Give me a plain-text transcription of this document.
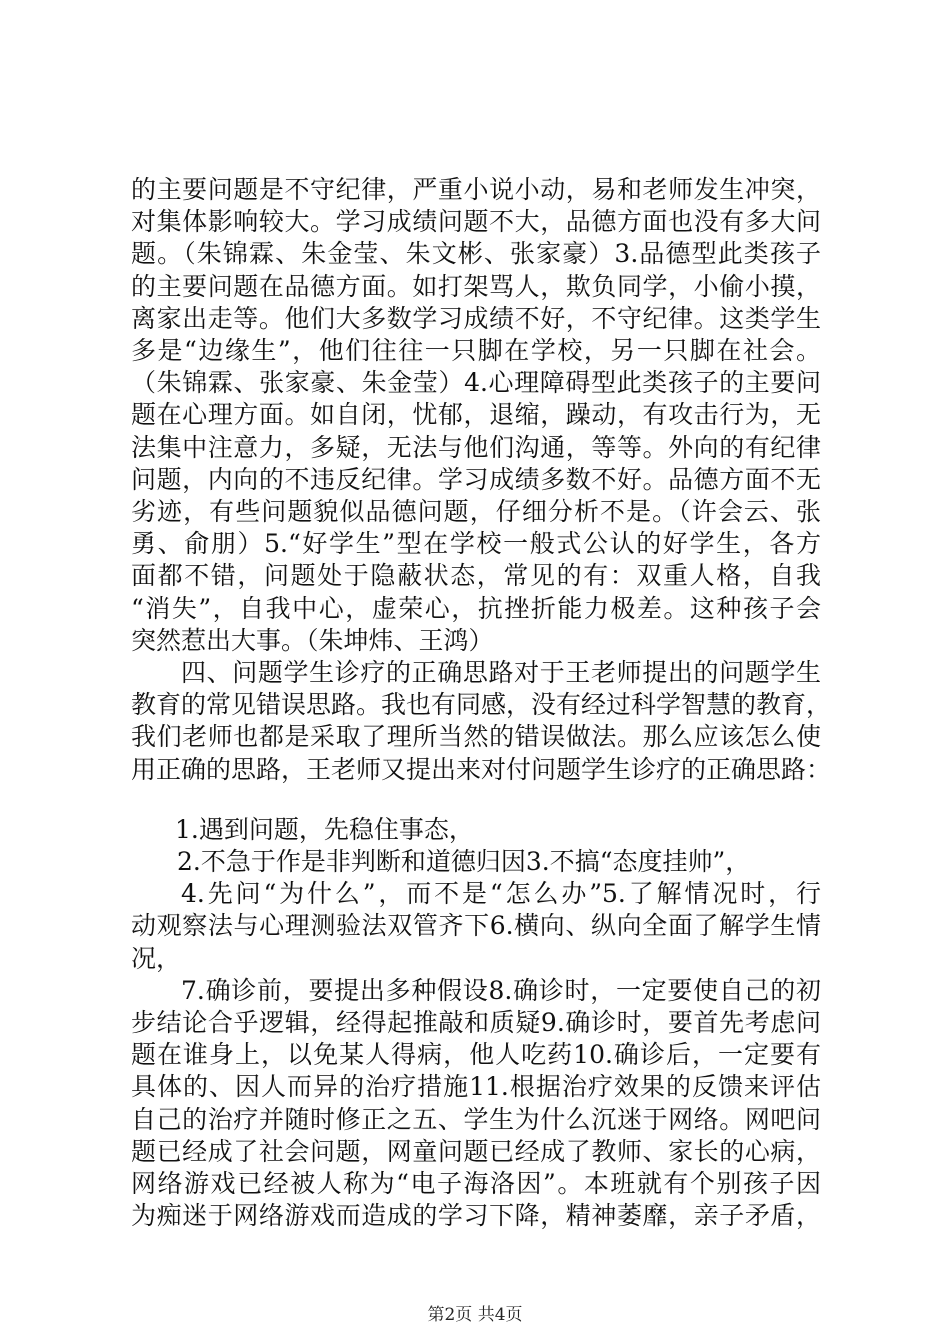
的主要问题是不守纪律，严重小说小动，易和老师发生冲突，
对集体影响较大。学习成绩问题不大，品德方面也没有多大问
题。（朱锦霖、朱金莹、朱文彬、张家豪）3.品德型此类孩子
的主要问题在品德方面。如打架骂人，欺负同学，小偷小摸，
离家出走等。他们大多数学习成绩不好，不守纪律。这类学生
多是“边缘生”，他们往往一只脚在学校，另一只脚在社会。
（朱锦霖、张家豪、朱金莹）4.心理障碍型此类孩子的主要问
题在心理方面。如自闭，忧郁，退缩，躁动，有攻击行为，无
法集中注意力，多疑，无法与他们沟通，等等。外向的有纪律
问题，内向的不违反纪律。学习成绩多数不好。品德方面不无
劣迹，有些问题貌似品德问题，仔细分析不是。（许会云、张
勇、俞朋）5.“好学生”型在学校一般式公认的好学生，各方
面都不错，问题处于隐蔽状态，常见的有：双重人格，自我
“消失”，自我中心，虚荣心，抗挫折能力极差。这种孩子会
突然惹出大事。（朱坤炜、王鸿）
四、问题学生诊疗的正确思路对于王老师提出的问题学生
教育的常见错误思路。我也有同感，没有经过科学智慧的教育，
我们老师也都是采取了理所当然的错误做法。那么应该怎么使
用正确的思路，王老师又提出来对付问题学生诊疗的正确思路：
1.遇到问题，先稳住事态，
2.不急于作是非判断和道德归因3.不搞“态度挂帅”，
4.先问“为什么”，而不是“怎么办”5.了解情况时，行
动观察法与心理测验法双管齐下6.横向、纵向全面了解学生情
况，
7.确诊前，要提出多种假设8.确诊时，一定要使自己的初
步结论合乎逻辑，经得起推敲和质疑9.确诊时，要首先考虑问
题在谁身上，以免某人得病，他人吃药10.确诊后，一定要有
具体的、因人而异的治疗措施11.根据治疗效果的反馈来评估
自己的治疗并随时修正之五、学生为什么沉迷于网络。网吧问
题已经成了社会问题，网童问题已经成了教师、家长的心病，
网络游戏已经被人称为“电子海洛因”。本班就有个别孩子因
为痴迷于网络游戏而造成的学习下降，精神萎靡，亲子矛盾，
第2页 共4页
